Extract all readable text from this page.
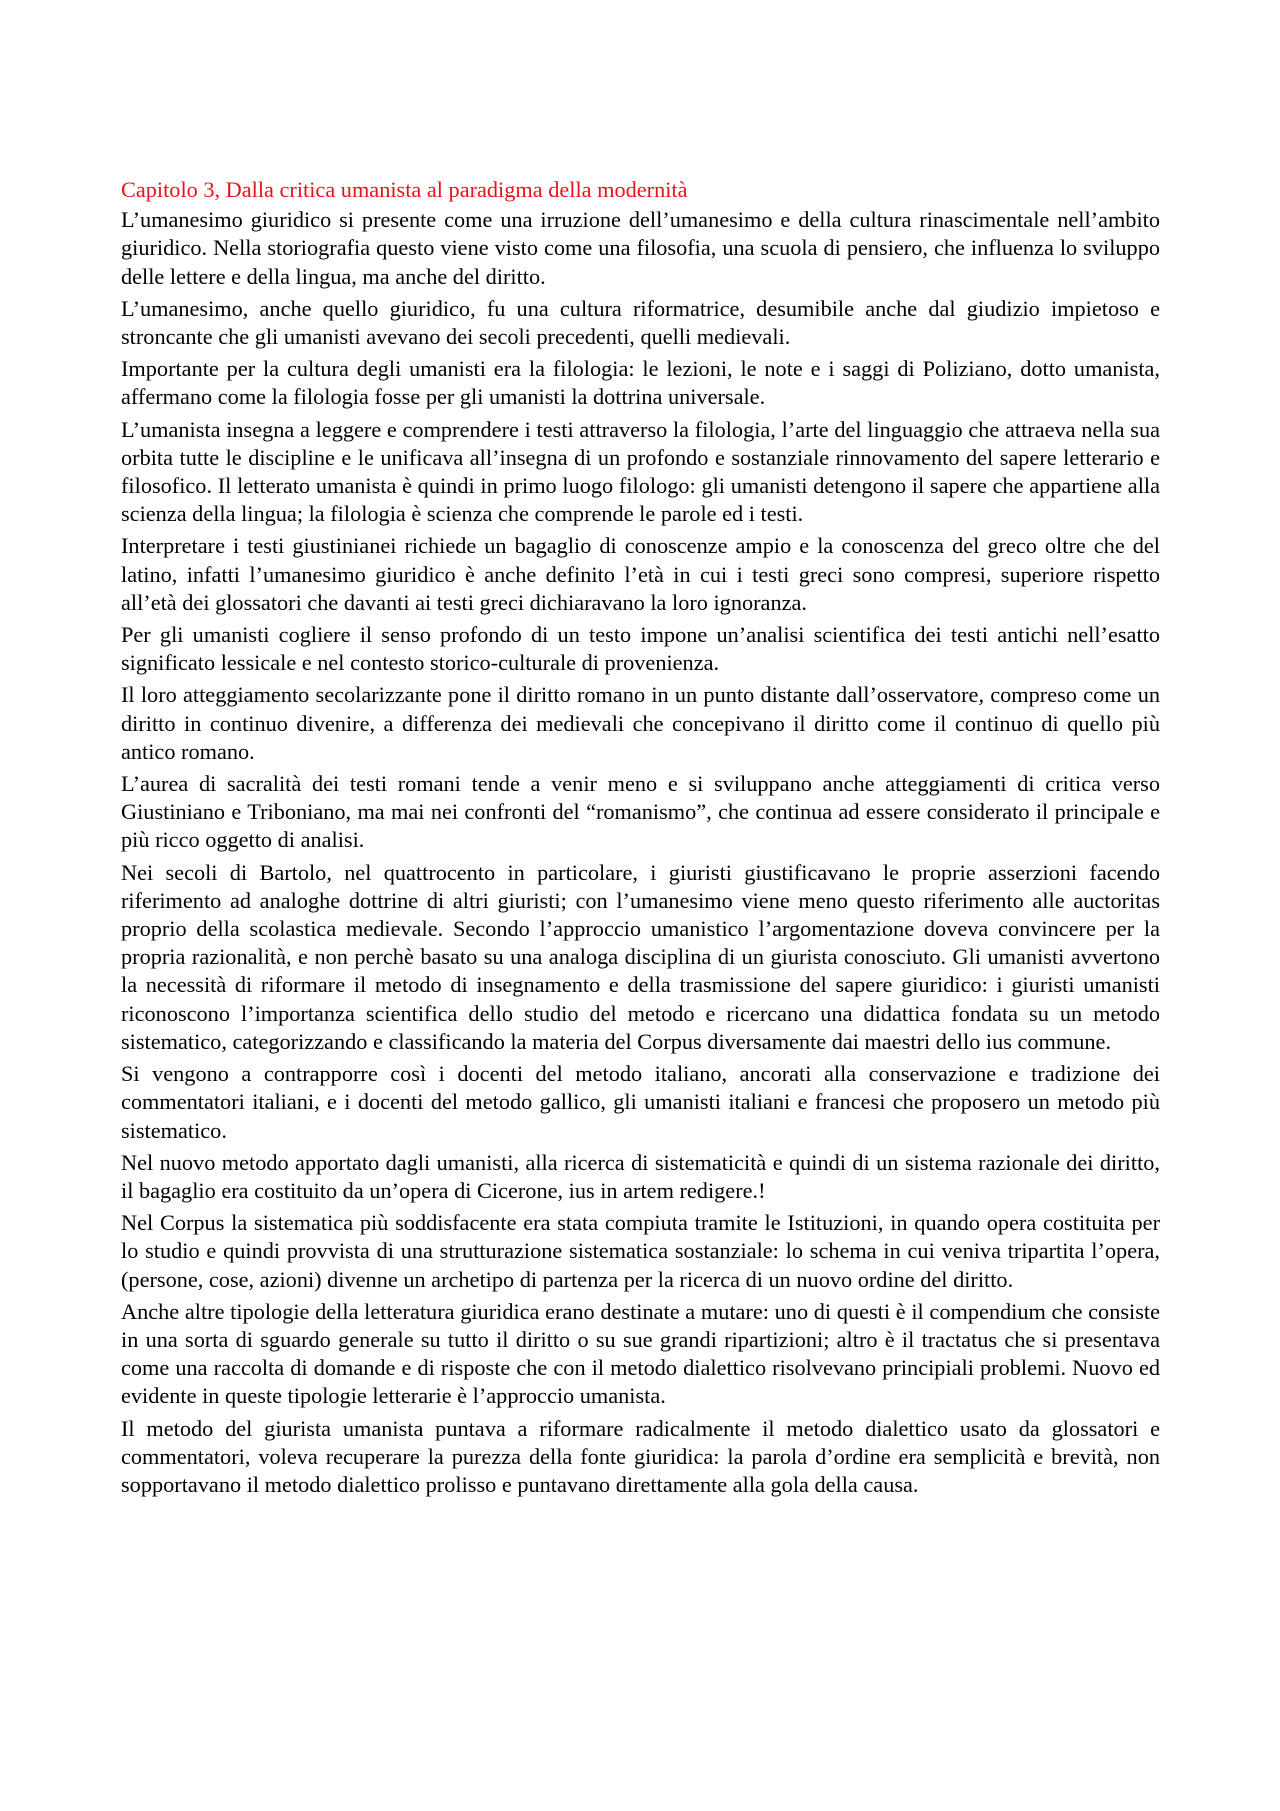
Capitolo 3, Dalla critica umanista al paradigma della modernità

L’umanesimo giuridico si presente come una irruzione dell’umanesimo e della cultura rinascimentale nell’ambito giuridico. Nella storiografia questo viene visto come una filosofia, una scuola di pensiero, che influenza lo sviluppo delle lettere e della lingua, ma anche del diritto.

L’umanesimo, anche quello giuridico, fu una cultura riformatrice, desumibile anche dal giudizio impietoso e stroncante che gli umanisti avevano dei secoli precedenti, quelli medievali.

Importante per la cultura degli umanisti era la filologia: le lezioni, le note e i saggi di Poliziano, dotto umanista, affermano come la filologia fosse per gli umanisti la dottrina universale.

L’umanista insegna a leggere e comprendere i testi attraverso la filologia, l’arte del linguaggio che attraeva nella sua orbita tutte le discipline e le unificava all’insegna di un profondo e sostanziale rinnovamento del sapere letterario e filosofico. Il letterato umanista è quindi in primo luogo filologo: gli umanisti detengono il sapere che appartiene alla scienza della lingua; la filologia è scienza che comprende le parole ed i testi.

Interpretare i testi giustinianei richiede un bagaglio di conoscenze ampio e la conoscenza del greco oltre che del latino, infatti l’umanesimo giuridico è anche definito l’età in cui i testi greci sono compresi, superiore rispetto all’età dei glossatori che davanti ai testi greci dichiaravano la loro ignoranza.

Per gli umanisti cogliere il senso profondo di un testo impone un’analisi scientifica dei testi antichi nell’esatto significato lessicale e nel contesto storico-culturale di provenienza.

Il loro atteggiamento secolarizzante pone il diritto romano in un punto distante dall’osservatore, compreso come un diritto in continuo divenire, a differenza dei medievali che concepivano il diritto come il continuo di quello più antico romano.

L’aurea di sacralità dei testi romani tende a venir meno e si sviluppano anche atteggiamenti di critica verso Giustiniano e Triboniano, ma mai nei confronti del “romanismo”, che continua ad essere considerato il principale e più ricco oggetto di analisi.

Nei secoli di Bartolo, nel quattrocento in particolare, i giuristi giustificavano le proprie asserzioni facendo riferimento ad analoghe dottrine di altri giuristi; con l’umanesimo viene meno questo riferimento alle auctoritas proprio della scolastica medievale. Secondo l’approccio umanistico l’argomentazione doveva convincere per la propria razionalità, e non perchè basato su una analoga disciplina di un giurista conosciuto. Gli umanisti avvertono la necessità di riformare il metodo di insegnamento e della trasmissione del sapere giuridico: i giuristi umanisti riconoscono l’importanza scientifica dello studio del metodo e ricercano una didattica fondata su un metodo sistematico, categorizzando e classificando la materia del Corpus diversamente dai maestri dello ius commune.

Si vengono a contrapporre così i docenti del metodo italiano, ancorati alla conservazione e tradizione dei commentatori italiani, e i docenti del metodo gallico, gli umanisti italiani e francesi che proposero un metodo più sistematico.

Nel nuovo metodo apportato dagli umanisti, alla ricerca di sistematicità e quindi di un sistema razionale dei diritto, il bagaglio era costituito da un’opera di Cicerone, ius in artem redigere.!

Nel Corpus la sistematica più soddisfacente era stata compiuta tramite le Istituzioni, in quando opera costituita per lo studio e quindi provvista di una strutturazione sistematica sostanziale: lo schema in cui veniva tripartita l’opera, (persone, cose, azioni) divenne un archetipo di partenza per la ricerca di un nuovo ordine del diritto.

Anche altre tipologie della letteratura giuridica erano destinate a mutare: uno di questi è il compendium che consiste in una sorta di sguardo generale su tutto il diritto o su sue grandi ripartizioni; altro è il tractatus che si presentava come una raccolta di domande e di risposte che con il metodo dialettico risolvevano principiali problemi. Nuovo ed evidente in queste tipologie letterarie è l’approccio umanista.

Il metodo del giurista umanista puntava a riformare radicalmente il metodo dialettico usato da glossatori e commentatori, voleva recuperare la purezza della fonte giuridica: la parola d’ordine era semplicità e brevità, non sopportavano il metodo dialettico prolisso e puntavano direttamente alla gola della causa.
